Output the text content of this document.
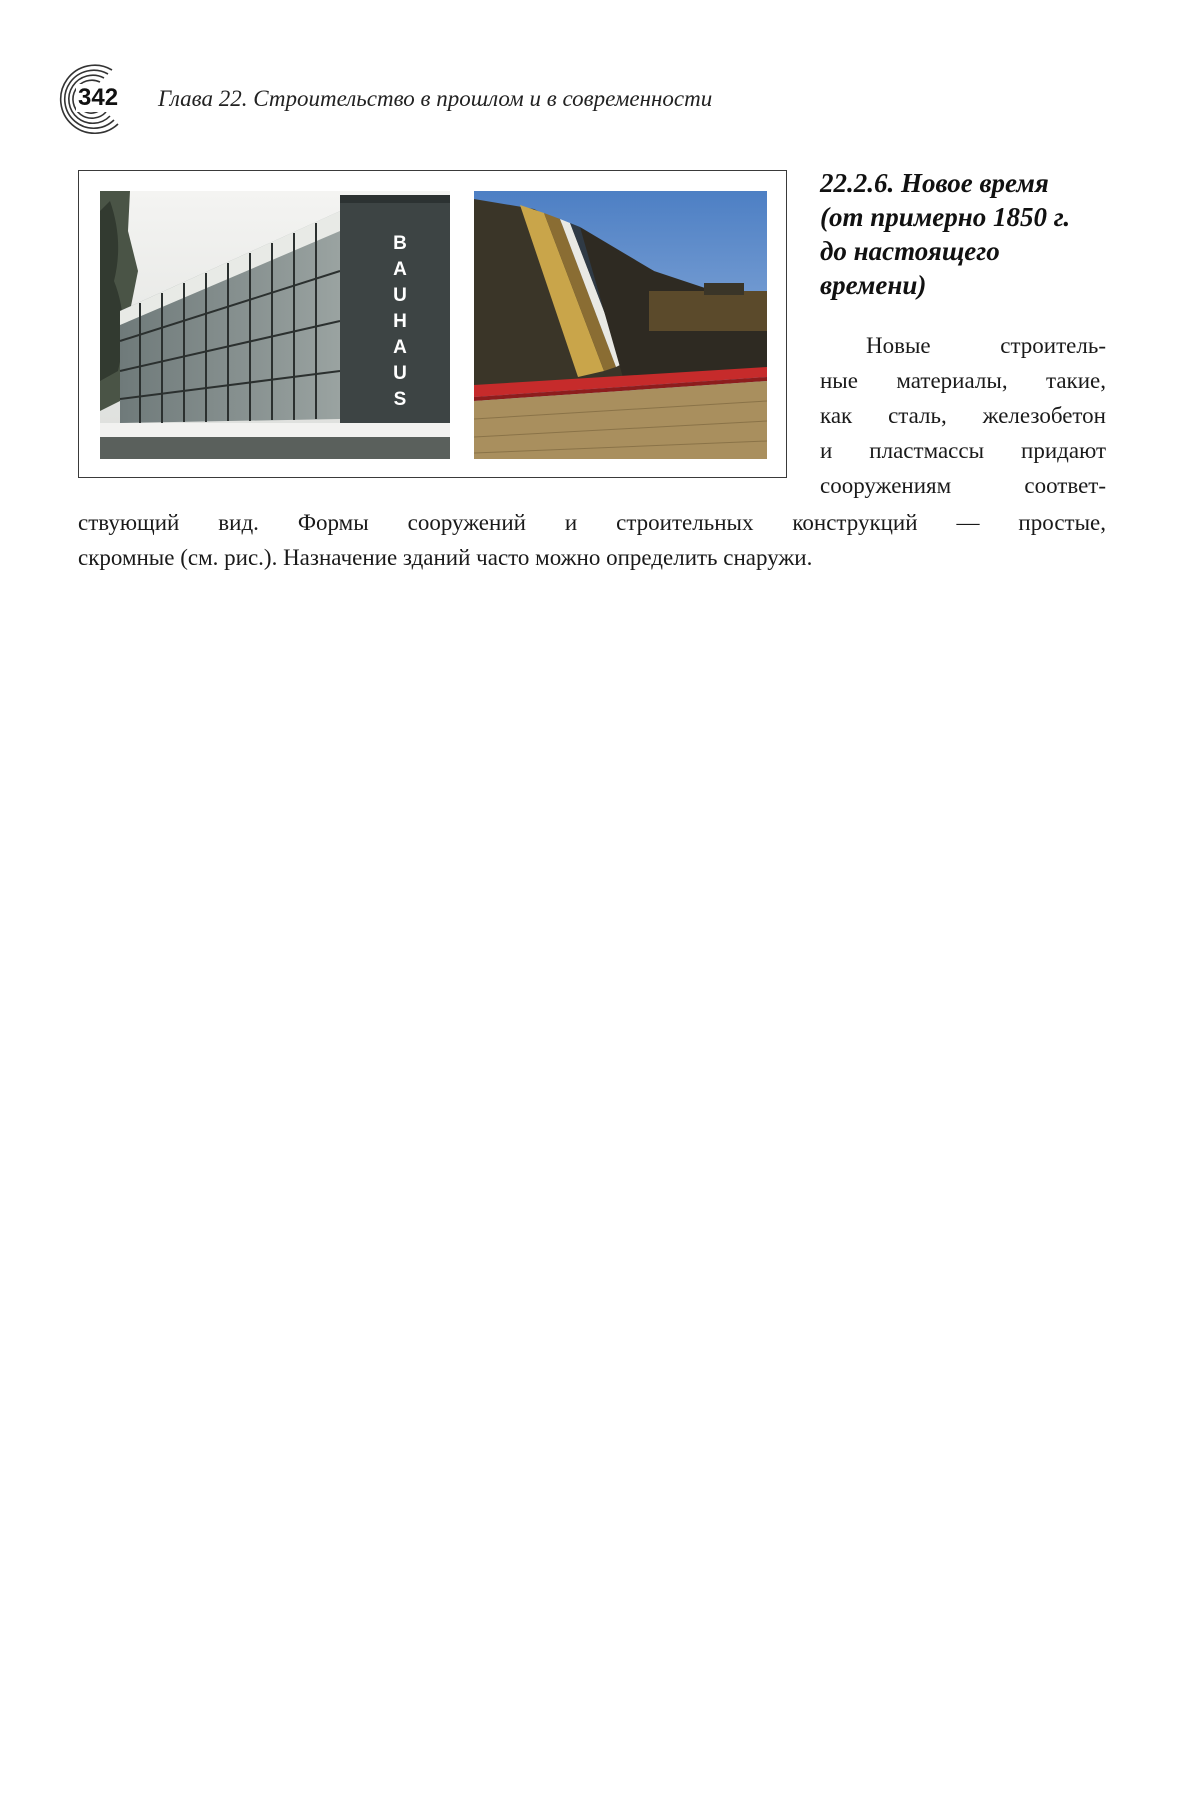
342 Глава 22. Строительство в прошлом и в современности
BAUHAUS
22.2.6. Новое время
(от примерно 1850 г.
до настоящего
времени)
Новые строитель-
ные материалы, такие,
как сталь, железобетон
и пластмассы придают
сооружениям соответ-
ствующий вид. Формы сооружений и строительных конструкций — простые,
скромные (см. рис.). Назначение зданий часто можно определить снаружи.
